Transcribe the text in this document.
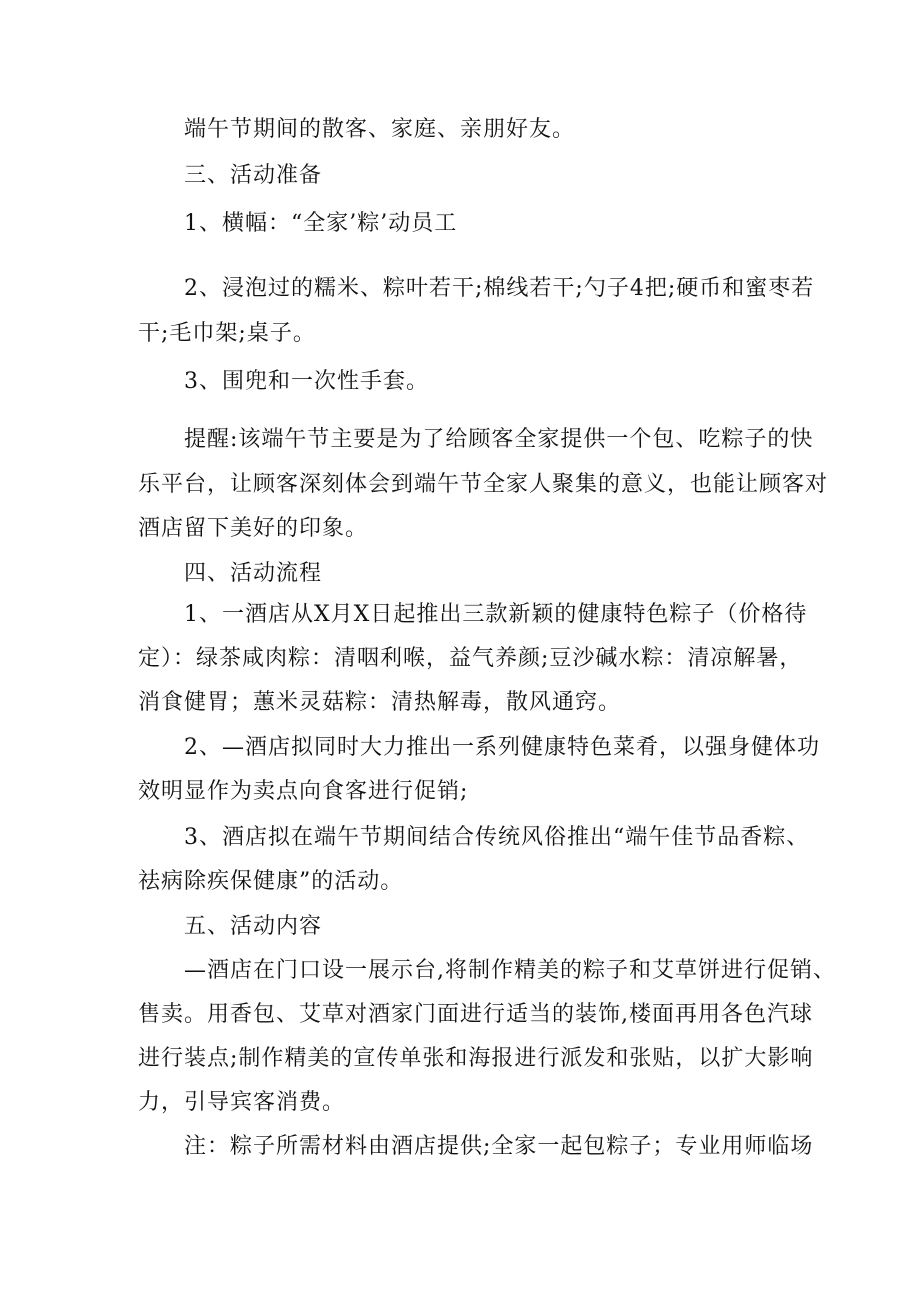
端午节期间的散客、家庭、亲朋好友。
三、活动准备
1、横幅：“全家’粽’动员工
2、浸泡过的糯米、粽叶若干;棉线若干;勺子4把;硬币和蜜枣若
干;毛巾架;桌子。
3、围兜和一次性手套。
提醒:该端午节主要是为了给顾客全家提供一个包、吃粽子的快
乐平台，让顾客深刻体会到端午节全家人聚集的意义，也能让顾客对
酒店留下美好的印象。
四、活动流程
1、一酒店从X月X日起推出三款新颖的健康特色粽子（价格待
定）：绿茶咸肉粽：清咽利喉，益气养颜;豆沙碱水粽：清凉解暑，
消食健胃；蕙米灵菇粽：清热解毒，散风通窍。
2、—酒店拟同时大力推出一系列健康特色菜肴，以强身健体功
效明显作为卖点向食客进行促销;
3、酒店拟在端午节期间结合传统风俗推出“端午佳节品香粽、
祛病除疾保健康”的活动。
五、活动内容
—酒店在门口设一展示台,将制作精美的粽子和艾草饼进行促销、
售卖。用香包、艾草对酒家门面进行适当的装饰,楼面再用各色汽球
进行装点;制作精美的宣传单张和海报进行派发和张贴，以扩大影响
力，引导宾客消费。
注：粽子所需材料由酒店提供;全家一起包粽子；专业用师临场
